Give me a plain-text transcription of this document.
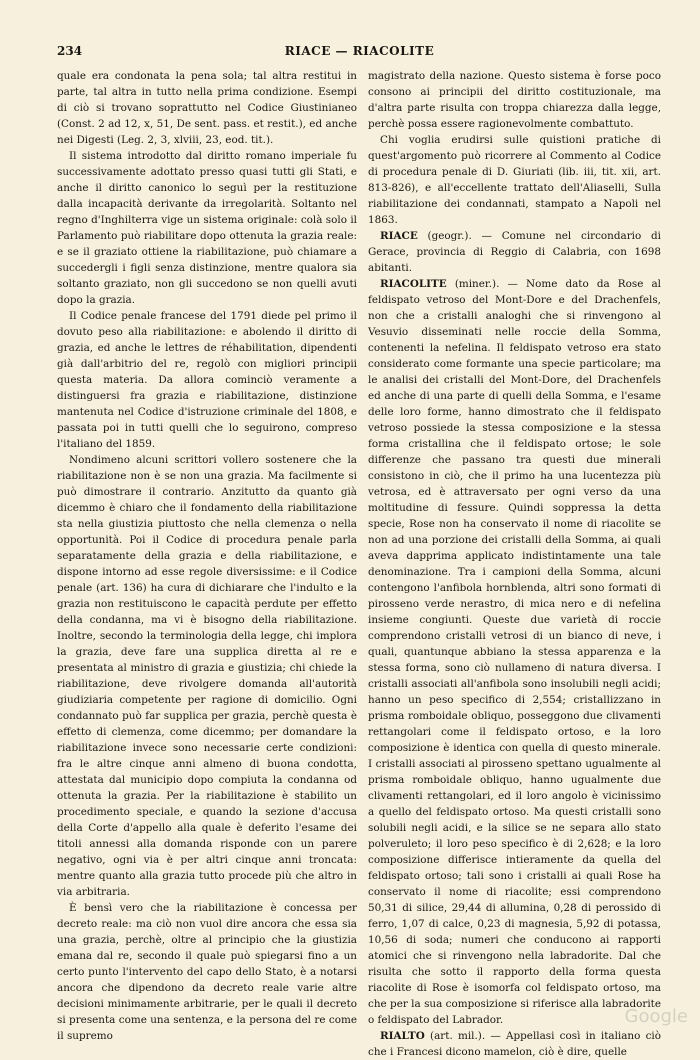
234	RIACE — RIACOLITE

quale era condonata la pena sola; tal altra restitui in parte, tal altra in tutto nella prima condizione. Esempi di ciò si trovano soprattutto nel Codice Giustinianeo (Const. 2 ad 12, x, 51, De sent. pass. et restit.), ed anche nei Digesti (Leg. 2, 3, xlviii, 23, eod. tit.).

Il sistema introdotto dal diritto romano imperiale fu successivamente adottato presso quasi tutti gli Stati, e anche il diritto canonico lo seguì per la restituzione dalla incapacità derivante da irregolarità. Soltanto nel regno d'Inghilterra vige un sistema originale: colà solo il Parlamento può riabilitare dopo ottenuta la grazia reale: e se il graziato ottiene la riabilitazione, può chiamare a succedergli i figli senza distinzione, mentre qualora sia soltanto graziato, non gli succedono se non quelli avuti dopo la grazia.

Il Codice penale francese del 1791 diede pel primo il dovuto peso alla riabilitazione: e abolendo il diritto di grazia, ed anche le lettres de réhabilitation, dipendenti già dall'arbitrio del re, regolò con migliori principii questa materia. Da allora cominciò veramente a distinguersi fra grazia e riabilitazione, distinzione mantenuta nel Codice d'istruzione criminale del 1808, e passata poi in tutti quelli che lo seguirono, compreso l'italiano del 1859.

Nondimeno alcuni scrittori vollero sostenere che la riabilitazione non è se non una grazia. Ma facilmente si può dimostrare il contrario. Anzitutto da quanto già dicemmo è chiaro che il fondamento della riabilitazione sta nella giustizia piuttosto che nella clemenza o nella opportunità. Poi il Codice di procedura penale parla separatamente della grazia e della riabilitazione, e dispone intorno ad esse regole diversissime: e il Codice penale (art. 136) ha cura di dichiarare che l'indulto e la grazia non restituiscono le capacità perdute per effetto della condanna, ma vi è bisogno della riabilitazione. Inoltre, secondo la terminologia della legge, chi implora la grazia, deve fare una supplica diretta al re e presentata al ministro di grazia e giustizia; chi chiede la riabilitazione, deve rivolgere domanda all'autorità giudiziaria competente per ragione di domicilio. Ogni condannato può far supplica per grazia, perchè questa è effetto di clemenza, come dicemmo; per domandare la riabilitazione invece sono necessarie certe condizioni: fra le altre cinque anni almeno di buona condotta, attestata dal municipio dopo compiuta la condanna od ottenuta la grazia. Per la riabilitazione è stabilito un procedimento speciale, e quando la sezione d'accusa della Corte d'appello alla quale è deferito l'esame dei titoli annessi alla domanda risponde con un parere negativo, ogni via è per altri cinque anni troncata: mentre quanto alla grazia tutto procede più che altro in via arbitraria.

È bensì vero che la riabilitazione è concessa per decreto reale: ma ciò non vuol dire ancora che essa sia una grazia, perchè, oltre al principio che la giustizia emana dal re, secondo il quale può spiegarsi fino a un certo punto l'intervento del capo dello Stato, è a notarsi ancora che dipendono da decreto reale varie altre decisioni minimamente arbitrarie, per le quali il decreto si presenta come una sentenza, e la persona del re come il supremo

magistrato della nazione. Questo sistema è forse poco consono ai principii del diritto costituzionale, ma d'altra parte risulta con troppa chiarezza dalla legge, perchè possa essere ragionevolmente combattuto.

Chi voglia erudirsi sulle quistioni pratiche di quest'argomento può ricorrere al Commento al Codice di procedura penale di D. Giuriati (lib. iii, tit. xii, art. 813-826), e all'eccellente trattato dell'Aliaselli, Sulla riabilitazione dei condannati, stampato a Napoli nel 1863.

RIACE (geogr.). — Comune nel circondario di Gerace, provincia di Reggio di Calabria, con 1698 abitanti.

RIACOLITE (miner.). — Nome dato da Rose al feldispato vetroso del Mont-Dore e del Drachenfels, non che a cristalli analoghi che si rinvengono al Vesuvio disseminati nelle roccie della Somma, contenenti la nefelina. Il feldispato vetroso era stato considerato come formante una specie particolare; ma le analisi dei cristalli del Mont-Dore, del Drachenfels ed anche di una parte di quelli della Somma, e l'esame delle loro forme, hanno dimostrato che il feldispato vetroso possiede la stessa composizione e la stessa forma cristallina che il feldispato ortose; le sole differenze che passano tra questi due minerali consistono in ciò, che il primo ha una lucentezza più vetrosa, ed è attraversato per ogni verso da una moltitudine di fessure. Quindi soppressa la detta specie, Rose non ha conservato il nome di riacolite se non ad una porzione dei cristalli della Somma, ai quali aveva dapprima applicato indistintamente una tale denominazione. Tra i campioni della Somma, alcuni contengono l'anfibola hornblenda, altri sono formati di pirosseno verde nerastro, di mica nero e di nefelina insieme congiunti. Queste due varietà di roccie comprendono cristalli vetrosi di un bianco di neve, i quali, quantunque abbiano la stessa apparenza e la stessa forma, sono ciò nullameno di natura diversa. I cristalli associati all'anfibola sono insolubili negli acidi; hanno un peso specifico di 2,554; cristallizzano in prisma romboidale obliquo, posseggono due clivamenti rettangolari come il feldispato ortoso, e la loro composizione è identica con quella di questo minerale. I cristalli associati al pirosseno spettano ugualmente al prisma romboidale obliquo, hanno ugualmente due clivamenti rettangolari, ed il loro angolo è vicinissimo a quello del feldispato ortoso. Ma questi cristalli sono solubili negli acidi, e la silice se ne separa allo stato polveruleto; il loro peso specifico è di 2,628; e la loro composizione differisce intieramente da quella del feldispato ortoso; tali sono i cristalli ai quali Rose ha conservato il nome di riacolite; essi comprendono 50,31 di silice, 29,44 di allumina, 0,28 di perossido di ferro, 1,07 di calce, 0,23 di magnesia, 5,92 di potassa, 10,56 di soda; numeri che conducono ai rapporti atomici che si rinvengono nella labradorite. Dal che risulta che sotto il rapporto della forma questa riacolite di Rose è isomorfa col feldispato ortoso, ma che per la sua composizione si riferisce alla labradorite o feldispato del Labrador.

RIALTO (art. mil.). — Appellasi così in italiano ciò che i Francesi dicono mamelon, ciò è dire, quelle

Google
